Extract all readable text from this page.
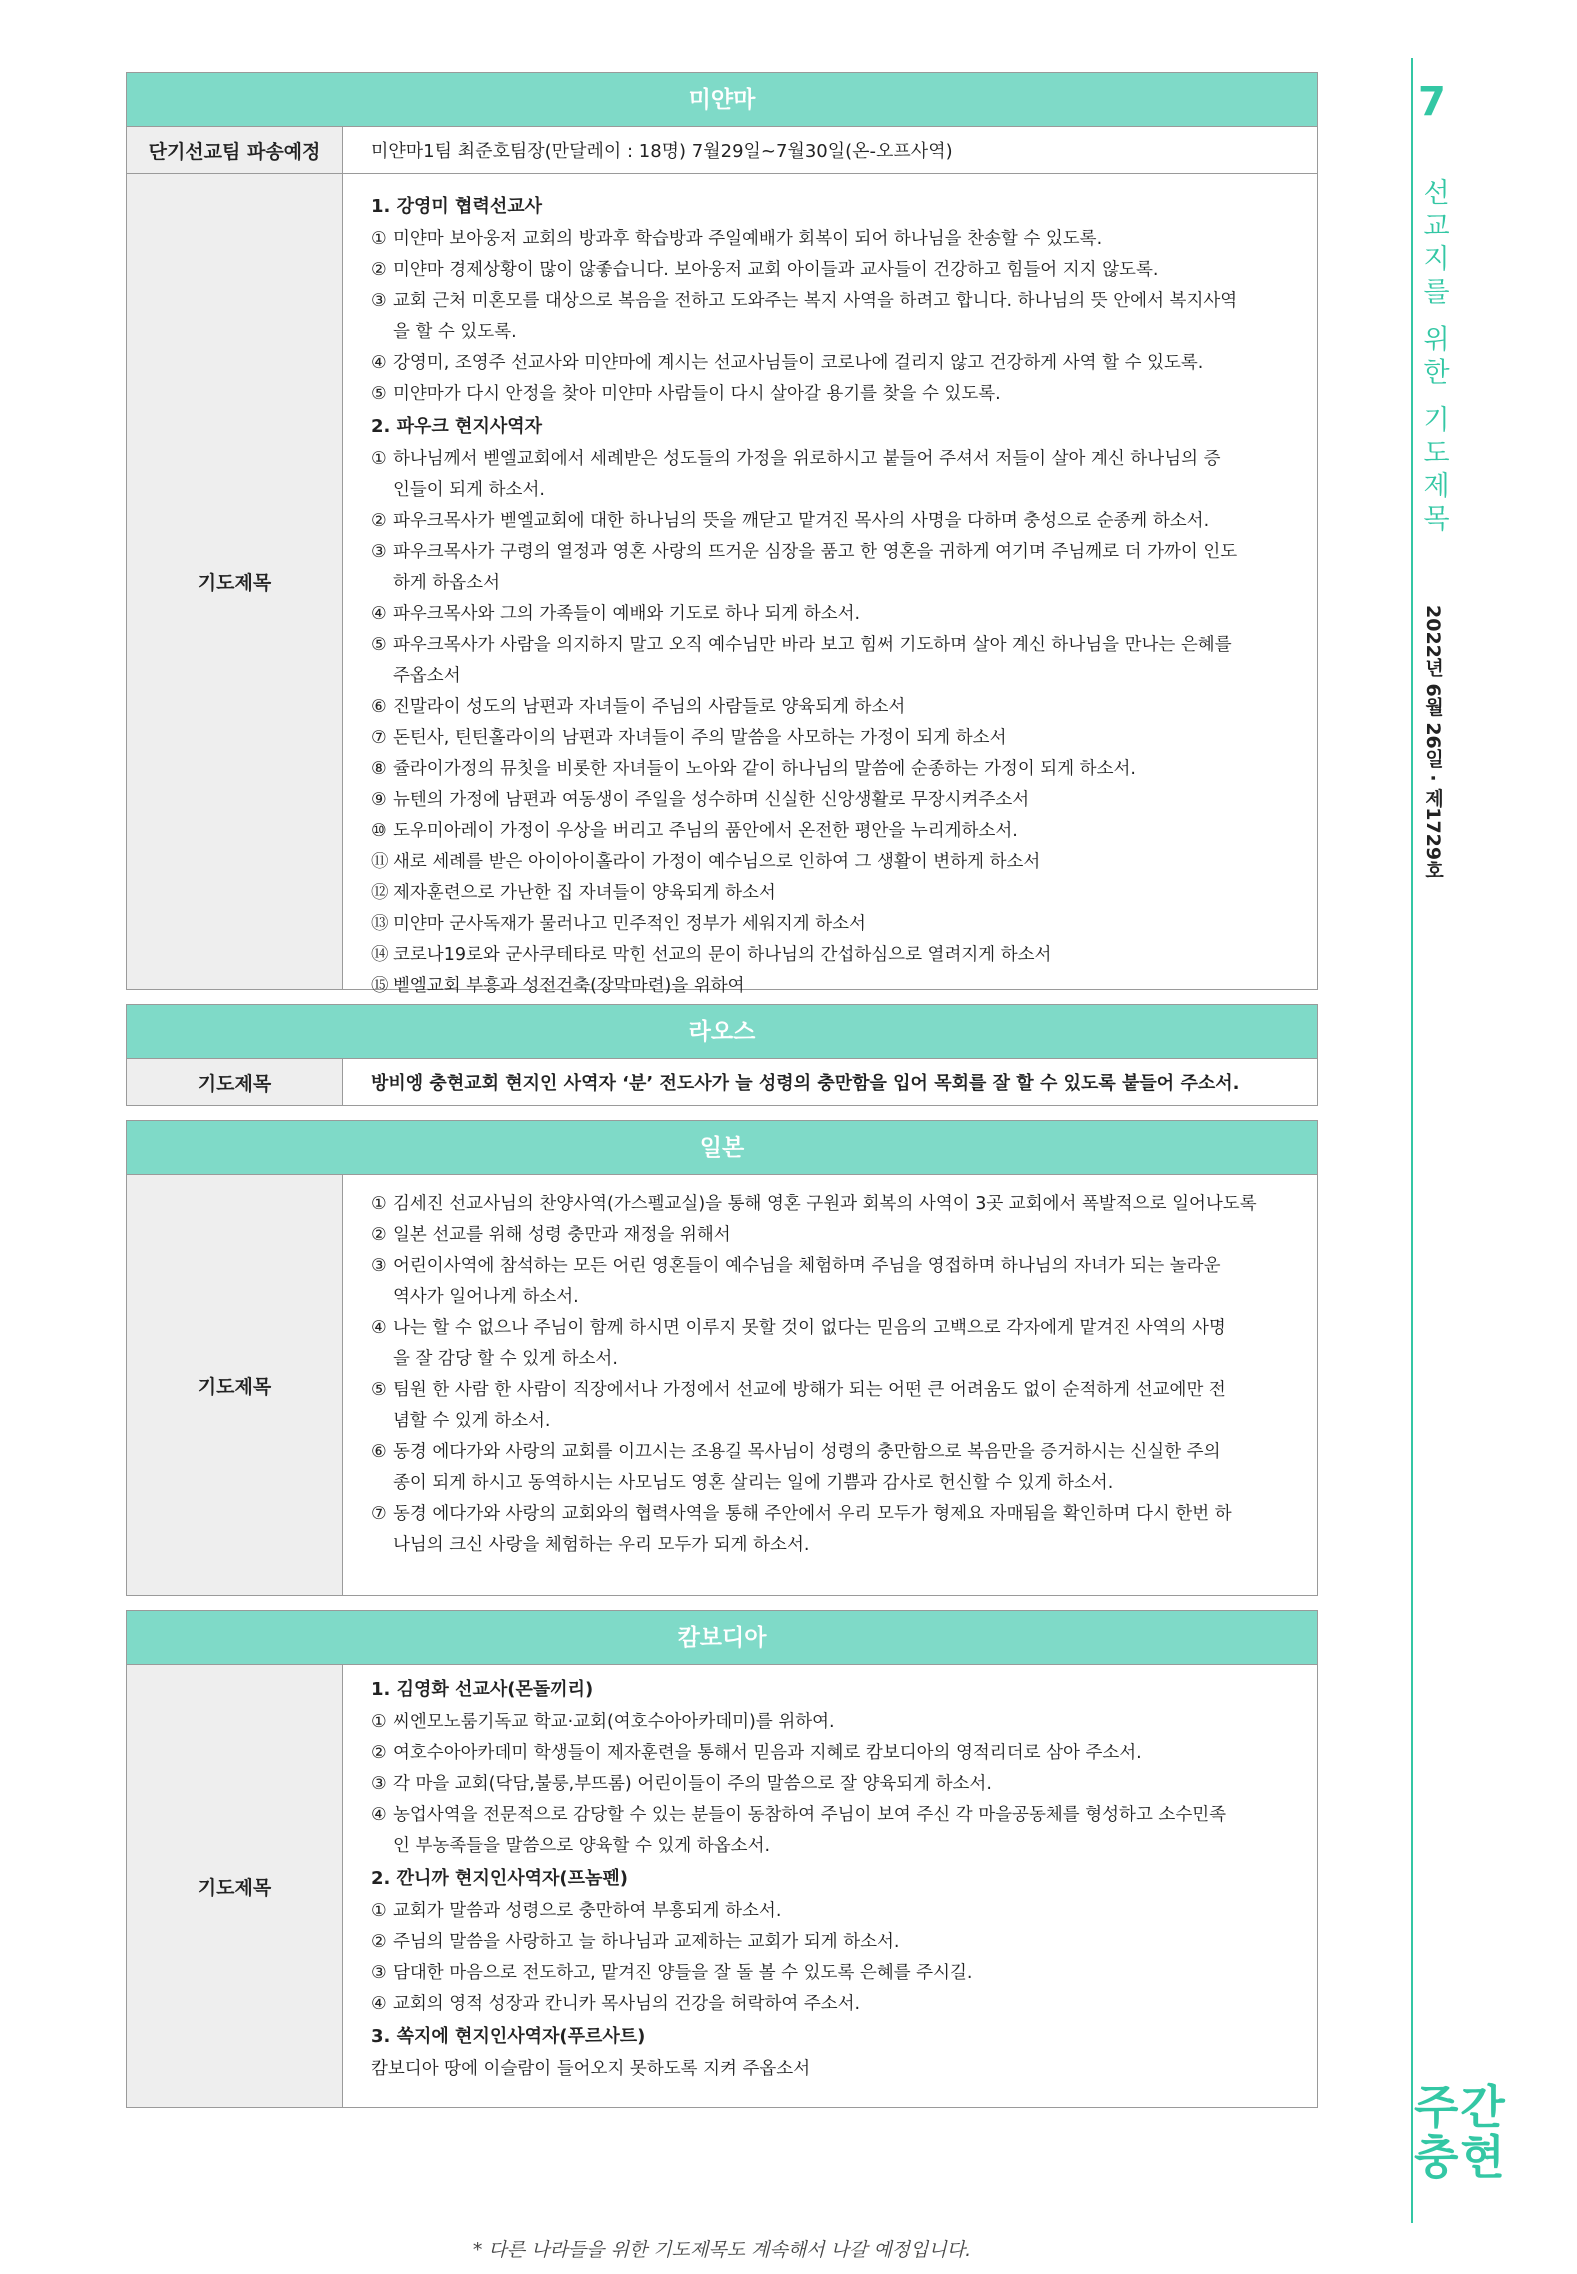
7
선교지를 위한 기도제목
2022년 6월 26일 · 제1729호
주간
충현
미얀마
단기선교팀 파송예정	미얀마1팀 최준호팀장(만달레이 : 18명) 7월29일~7월30일(온-오프사역)
기도제목
1. 강영미 협력선교사
① 미얀마 보아웅저 교회의 방과후 학습방과 주일예배가 회복이 되어 하나님을 찬송할 수 있도록.
② 미얀마 경제상황이 많이 않좋습니다. 보아웅저 교회 아이들과 교사들이 건강하고 힘들어 지지 않도록.
③ 교회 근처 미혼모를 대상으로 복음을 전하고 도와주는 복지 사역을 하려고 합니다. 하나님의 뜻 안에서 복지사역
을 할 수 있도록.
④ 강영미, 조영주 선교사와 미얀마에 계시는 선교사님들이 코로나에 걸리지 않고 건강하게 사역 할 수 있도록.
⑤ 미얀마가 다시 안정을 찾아 미얀마 사람들이 다시 살아갈 용기를 찾을 수 있도록.
2. 파우크 현지사역자
① 하나님께서 벧엘교회에서 세례받은 성도들의 가정을 위로하시고 붙들어 주셔서 저들이 살아 계신 하나님의 증
인들이 되게 하소서.
② 파우크목사가 벧엘교회에 대한 하나님의 뜻을 깨닫고 맡겨진 목사의 사명을 다하며 충성으로 순종케 하소서.
③ 파우크목사가 구령의 열정과 영혼 사랑의 뜨거운 심장을 품고 한 영혼을 귀하게 여기며 주님께로 더 가까이 인도
하게 하옵소서
④ 파우크목사와 그의 가족들이 예배와 기도로 하나 되게 하소서.
⑤ 파우크목사가 사람을 의지하지 말고 오직 예수님만 바라 보고 힘써 기도하며 살아 계신 하나님을 만나는 은혜를
주옵소서
⑥ 진말라이 성도의 남편과 자녀들이 주님의 사람들로 양육되게 하소서
⑦ 돈틴사, 틴틴홀라이의 남편과 자녀들이 주의 말씀을 사모하는 가정이 되게 하소서
⑧ 쥴라이가정의 뮤칫을 비롯한 자녀들이 노아와 같이 하나님의 말씀에 순종하는 가정이 되게 하소서.
⑨ 뉴텐의 가정에 남편과 여동생이 주일을 성수하며 신실한 신앙생활로 무장시켜주소서
⑩ 도우미아레이 가정이 우상을 버리고 주님의 품안에서 온전한 평안을 누리게하소서.
⑪ 새로 세례를 받은 아이아이홀라이 가정이 예수님으로 인하여 그 생활이 변하게 하소서
⑫ 제자훈련으로 가난한 집 자녀들이 양육되게 하소서
⑬ 미얀마 군사독재가 물러나고 민주적인 정부가 세워지게 하소서
⑭ 코로나19로와 군사쿠테타로 막힌 선교의 문이 하나님의 간섭하심으로 열려지게 하소서
⑮ 벧엘교회 부흥과 성전건축(장막마련)을 위하여
라오스
기도제목	방비엥 충현교회 현지인 사역자 ‘분’ 전도사가 늘 성령의 충만함을 입어 목회를 잘 할 수 있도록 붙들어 주소서.
일본
기도제목
① 김세진 선교사님의 찬양사역(가스펠교실)을 통해 영혼 구원과 회복의 사역이 3곳 교회에서 폭발적으로 일어나도록
② 일본 선교를 위해 성령 충만과 재정을 위해서
③ 어린이사역에 참석하는 모든 어린 영혼들이 예수님을 체험하며 주님을 영접하며 하나님의 자녀가 되는 놀라운
역사가 일어나게 하소서.
④ 나는 할 수 없으나 주님이 함께 하시면 이루지 못할 것이 없다는 믿음의 고백으로 각자에게 맡겨진 사역의 사명
을 잘 감당 할 수 있게 하소서.
⑤ 팀원 한 사람 한 사람이 직장에서나 가정에서 선교에 방해가 되는 어떤 큰 어려움도 없이 순적하게 선교에만 전
념할 수 있게 하소서.
⑥ 동경 에다가와 사랑의 교회를 이끄시는 조용길 목사님이 성령의 충만함으로 복음만을 증거하시는 신실한 주의
종이 되게 하시고 동역하시는 사모님도 영혼 살리는 일에 기쁨과 감사로 헌신할 수 있게 하소서.
⑦ 동경 에다가와 사랑의 교회와의 협력사역을 통해 주안에서 우리 모두가 형제요 자매됨을 확인하며 다시 한번 하
나님의 크신 사랑을 체험하는 우리 모두가 되게 하소서.
캄보디아
기도제목
1. 김영화 선교사(몬돌끼리)
① 씨엔모노룸기독교 학교·교회(여호수아아카데미)를 위하여.
② 여호수아아카데미 학생들이 제자훈련을 통해서 믿음과 지혜로 캄보디아의 영적리더로 삼아 주소서.
③ 각 마을 교회(닥담,불룽,부뜨롬) 어린이들이 주의 말씀으로 잘 양육되게 하소서.
④ 농업사역을 전문적으로 감당할 수 있는 분들이 동참하여 주님이 보여 주신 각 마을공동체를 형성하고 소수민족
인 부농족들을 말씀으로 양육할 수 있게 하옵소서.
2. 깐니까 현지인사역자(프놈펜)
① 교회가 말씀과 성령으로 충만하여 부흥되게 하소서.
② 주님의 말씀을 사랑하고 늘 하나님과 교제하는 교회가 되게 하소서.
③ 담대한 마음으로 전도하고, 맡겨진 양들을 잘 돌 볼 수 있도록 은혜를 주시길.
④ 교회의 영적 성장과 칸니카 목사님의 건강을 허락하여 주소서.
3. 쏙지에 현지인사역자(푸르사트)
캄보디아 땅에 이슬람이 들어오지 못하도록 지켜 주옵소서
* 다른 나라들을 위한 기도제목도 계속해서 나갈 예정입니다.
